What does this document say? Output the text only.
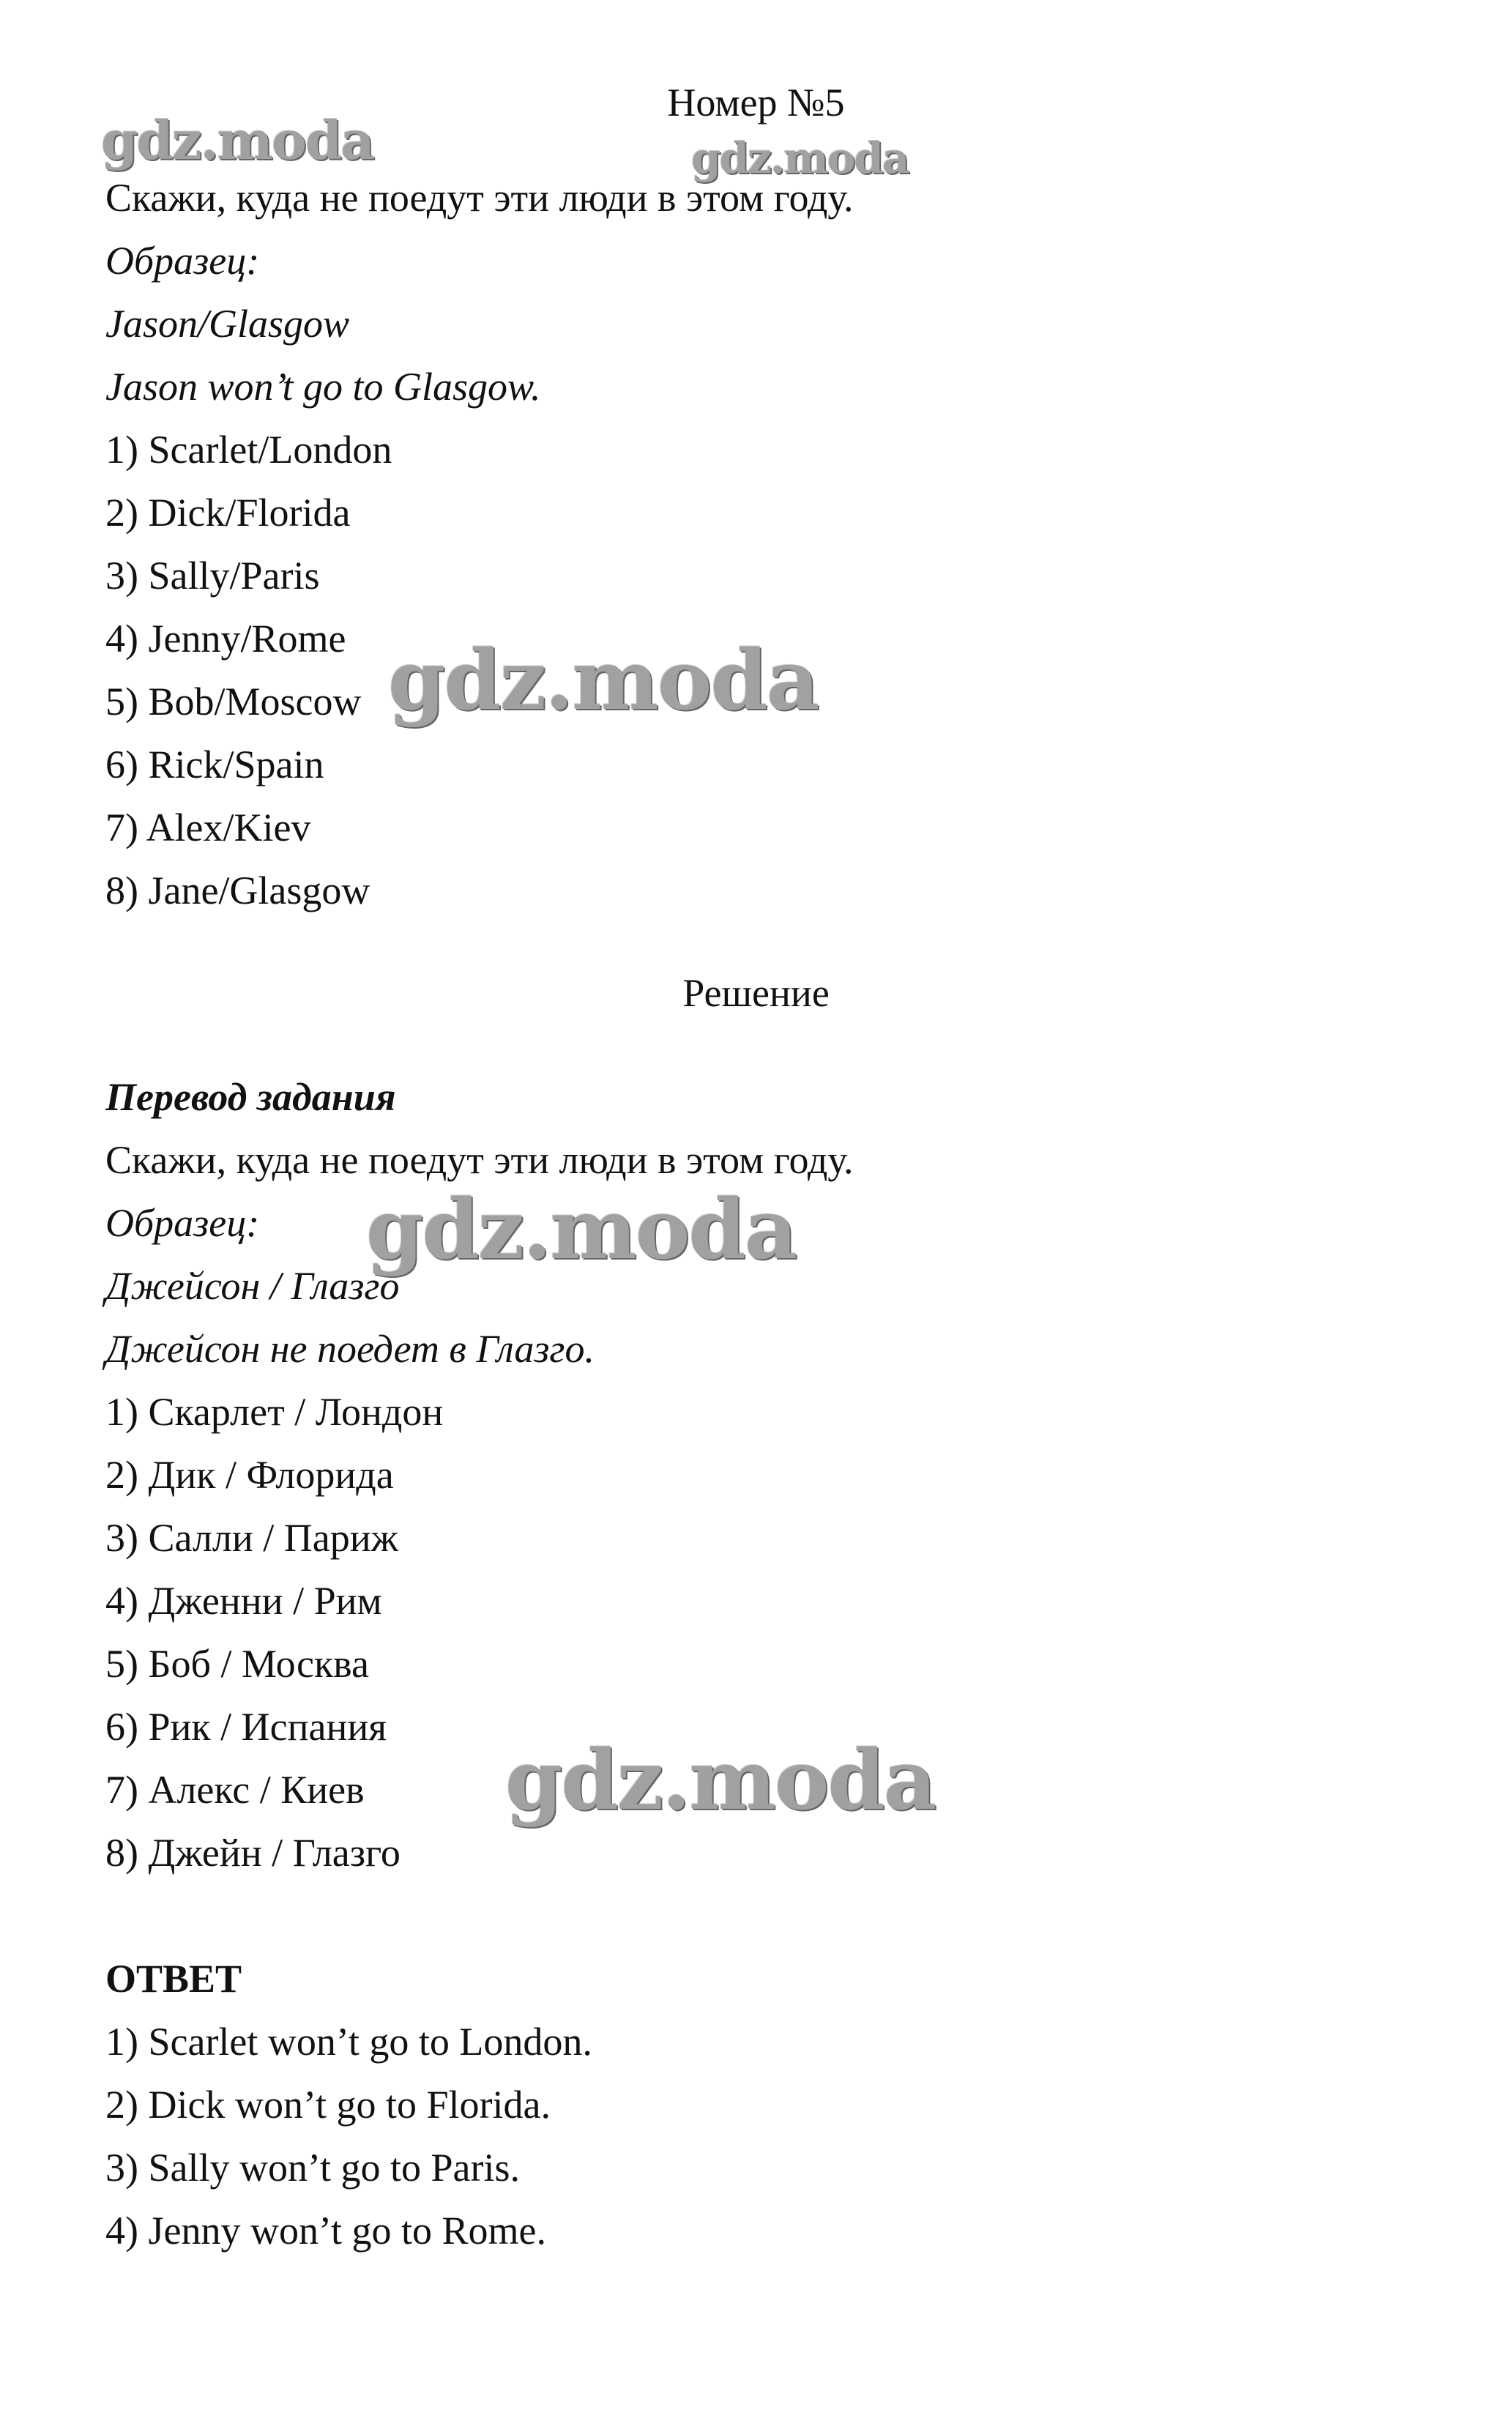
Номер №5
Скажи, куда не поедут эти люди в этом году.
Образец:
Jason/Glasgow
Jason won’t go to Glasgow.
1) Scarlet/London
2) Dick/Florida
3) Sally/Paris
4) Jenny/Rome
5) Bob/Moscow
6) Rick/Spain
7) Alex/Kiev
8) Jane/Glasgow
Решение
Перевод задания
Скажи, куда не поедут эти люди в этом году.
Образец:
Джейсон / Глазго
Джейсон не поедет в Глазго.
1) Скарлет / Лондон
2) Дик / Флорида
3) Салли / Париж
4) Дженни / Рим
5) Боб / Москва
6) Рик / Испания
7) Алекс / Киев
8) Джейн / Глазго
ОТВЕТ
1) Scarlet won’t go to London.
2) Dick won’t go to Florida.
3) Sally won’t go to Paris.
4) Jenny won’t go to Rome.
gdz.moda	gdz.moda
gdz.moda
gdz.moda
gdz.moda
